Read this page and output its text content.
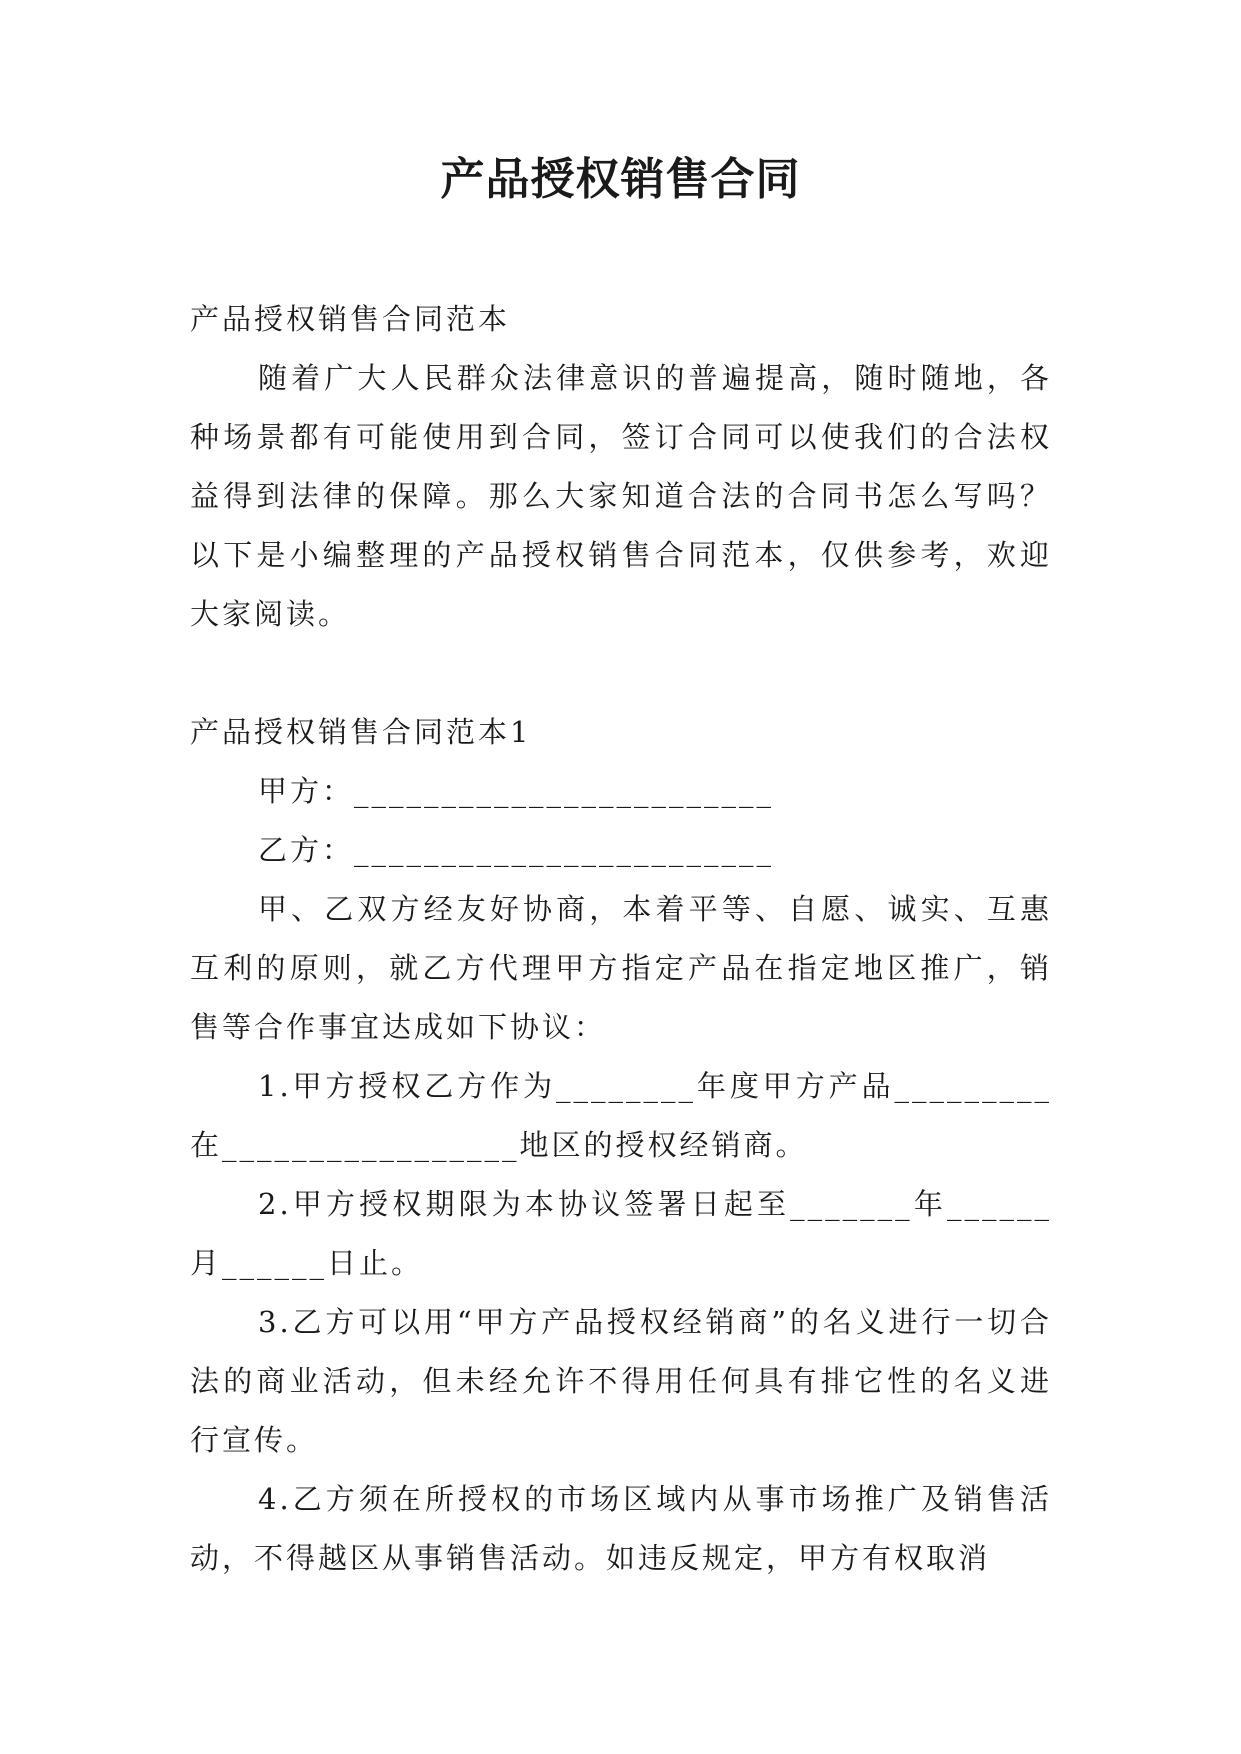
产品授权销售合同

产品授权销售合同范本

随着广大人民群众法律意识的普遍提高，随时随地，各种场景都有可能使用到合同，签订合同可以使我们的合法权益得到法律的保障。那么大家知道合法的合同书怎么写吗？以下是小编整理的产品授权销售合同范本，仅供参考，欢迎大家阅读。

产品授权销售合同范本1

甲方：________________________

乙方：________________________

甲、乙双方经友好协商，本着平等、自愿、诚实、互惠互利的原则，就乙方代理甲方指定产品在指定地区推广，销售等合作事宜达成如下协议：

1.甲方授权乙方作为________年度甲方产品_________在_________________地区的授权经销商。

2.甲方授权期限为本协议签署日起至_______年______月______日止。

3.乙方可以用“甲方产品授权经销商”的名义进行一切合法的商业活动，但未经允许不得用任何具有排它性的名义进行宣传。

4.乙方须在所授权的市场区域内从事市场推广及销售活动，不得越区从事销售活动。如违反规定，甲方有权取消
